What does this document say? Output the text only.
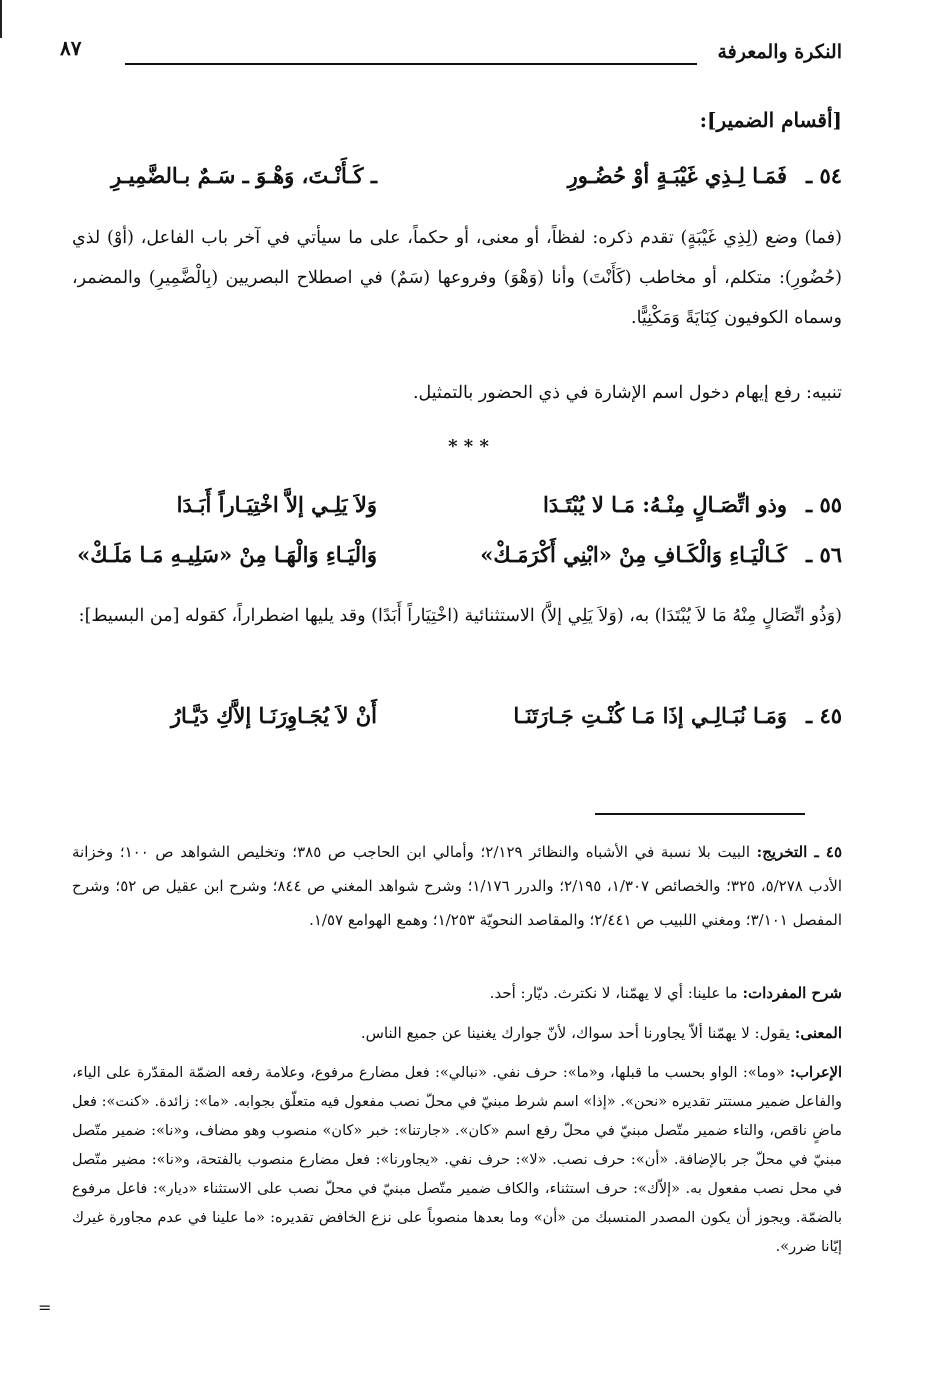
النكرة والمعرفة
٨٧
[أقسام الضمير]:
٥٤ ـ
فَمَـا لِـذِي غَيْبَـةٍ أوْ حُضُـورِ
ـ كَـأَنْـتَ، وَهْـوَ ـ سَـمٌ بـالضَّمِيـرِ

(فما) وضع (لِذِي غَيْبَةٍ) تقدم ذكره: لفظاً، أو معنى، أو حكماً، على ما سيأتي في آخر باب الفاعل، (أوْ) لذي (حُضُورِ): متكلم، أو مخاطب (كَأَنْتَ) وأنا (وَهْوَ) وفروعها (سَمٌ) في اصطلاح البصريين (بِالْضَّمِيرِ) والمضمر، وسماه الكوفيون كِنَايَةً وَمَكْنِيًّا.

تنبيه: رفع إيهام دخول اسم الإشارة في ذي الحضور بالتمثيل.

* * *
٥٥ ـ
وذو اتِّصَـالٍ مِنْـهُ: مَـا لا يُبْتَـدَا
وَلاَ يَلِـي إلاَّ اخْتِيَـاراً أَبَـدَا
٥٦ ـ
كَـالْيَـاءِ وَالْكَـافِ مِنْ «ابْنِي أَكْرَمَـكْ»
وَالْيَـاءِ وَالْهَـا مِنْ «سَلِيـهِ مَـا مَلَـكْ»

(وَذُو اتِّصَالٍ مِنْهُ مَا لاَ يُبْتَدَا) به، (وَلاَ يَلِي إلاَّ) الاستثنائية (اخْتِيَاراً أَبَدًا) وقد يليها اضطراراً، كقوله [من البسيط]:

٤٥ ـ
وَمَـا نُبَـالِـي إذَا مَـا كُنْـتِ جَـارَتَنَـا
أَنْ لاَ يُجَـاوِرَنَـا إلاَّكِ دَيَّـارُ

٤٥ ـ التخريج: البيت بلا نسبة في الأشباه والنظائر ٢/١٢٩؛ وأمالي ابن الحاجب ص ٣٨٥؛ وتخليص الشواهد ص ١٠٠؛ وخزانة الأدب ٥/٢٧٨، ٣٢٥؛ والخصائص ١/٣٠٧، ٢/١٩٥؛ والدرر ١/١٧٦؛ وشرح شواهد المغني ص ٨٤٤؛ وشرح ابن عقيل ص ٥٢؛ وشرح المفصل ٣/١٠١؛ ومغني اللبيب ص ٢/٤٤١؛ والمقاصد النحويّة ١/٢٥٣؛ وهمع الهوامع ١/٥٧.

شرح المفردات: ما علينا: أي لا يهمّنا، لا نكترث. ديّار: أحد.

المعنى: يقول: لا يهمّنا ألاّ يجاورنا أحد سواك، لأنّ جوارك يغنينا عن جميع الناس.

الإعراب: «وما»: الواو بحسب ما قبلها، و«ما»: حرف نفي. «نبالي»: فعل مضارع مرفوع، وعلامة رفعه الضمّة المقدّرة على الياء، والفاعل ضمير مستتر تقديره «نحن». «إذا» اسم شرط مبنيّ في محلّ نصب مفعول فيه متعلّق بجوابه. «ما»: زائدة. «كنت»: فعل ماضٍ ناقص، والتاء ضمير متّصل مبنيّ في محلّ رفع اسم «كان». «جارتنا»: خبر «كان» منصوب وهو مضاف، و«نا»: ضمير متّصل مبنيّ في محلّ جر بالإضافة. «أن»: حرف نصب. «لا»: حرف نفي. «يجاورنا»: فعل مضارع منصوب بالفتحة، و«نا»: مضير متّصل في محل نصب مفعول به. «إلاّك»: حرف استثناء، والكاف ضمير متّصل مبنيّ في محلّ نصب على الاستثناء «ديار»: فاعل مرفوع بالضمّة. ويجوز أن يكون المصدر المنسبك من «أن» وما بعدها منصوباً على نزع الخافض تقديره: «ما علينا في عدم مجاورة غيرك إيّانا ضرر».

=
